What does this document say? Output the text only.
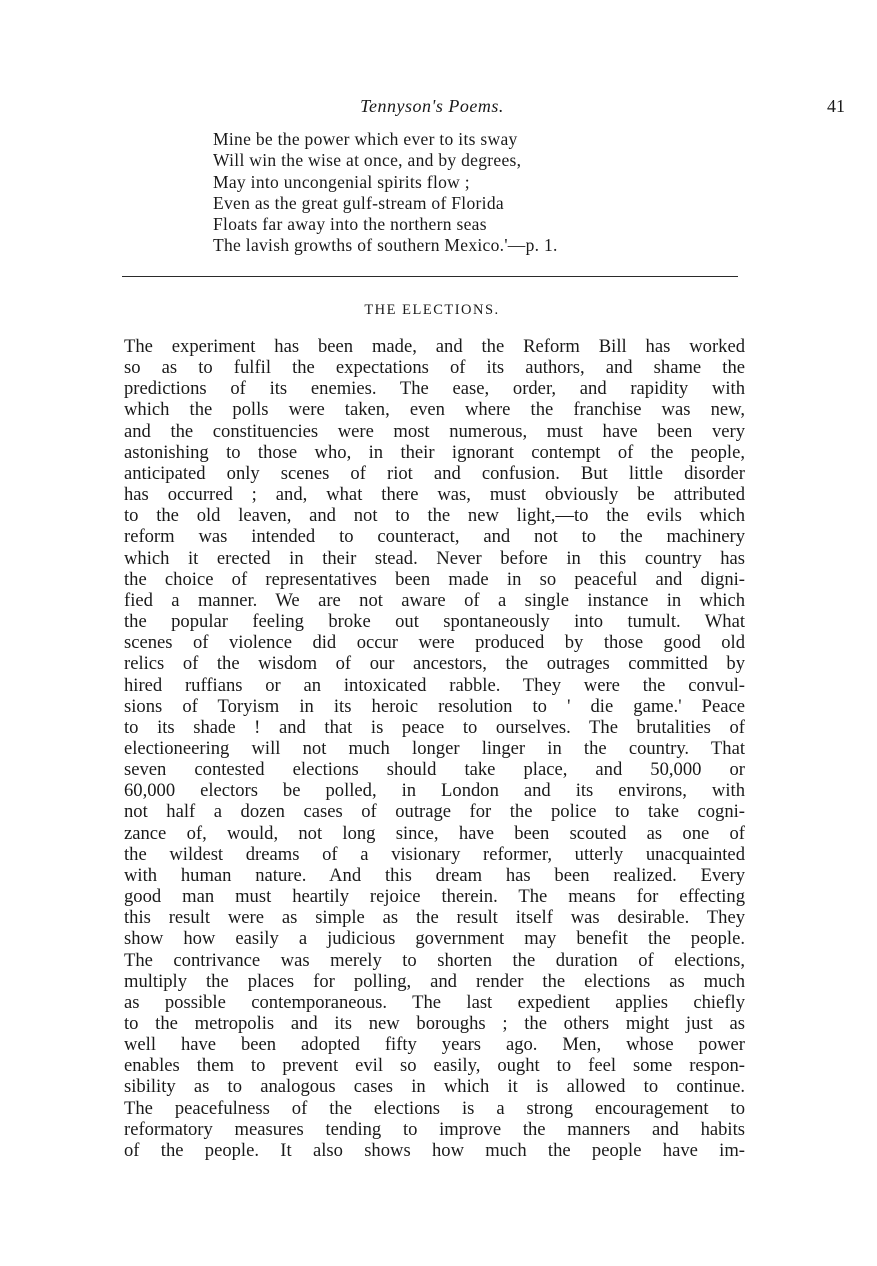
Tennyson's Poems.	41
Mine be the power which ever to its sway
Will win the wise at once, and by degrees,
May into uncongenial spirits flow ;
Even as the great gulf-stream of Florida
Floats far away into the northern seas
The lavish growths of southern Mexico.'—p. 1.
THE ELECTIONS.
The experiment has been made, and the Reform Bill has worked
so as to fulfil the expectations of its authors, and shame the
predictions of its enemies. The ease, order, and rapidity with
which the polls were taken, even where the franchise was new,
and the constituencies were most numerous, must have been very
astonishing to those who, in their ignorant contempt of the people,
anticipated only scenes of riot and confusion. But little disorder
has occurred ; and, what there was, must obviously be attributed
to the old leaven, and not to the new light,—to the evils which
reform was intended to counteract, and not to the machinery
which it erected in their stead. Never before in this country has
the choice of representatives been made in so peaceful and digni-
fied a manner. We are not aware of a single instance in which
the popular feeling broke out spontaneously into tumult. What
scenes of violence did occur were produced by those good old
relics of the wisdom of our ancestors, the outrages committed by
hired ruffians or an intoxicated rabble. They were the convul-
sions of Toryism in its heroic resolution to ' die game.' Peace
to its shade ! and that is peace to ourselves. The brutalities of
electioneering will not much longer linger in the country. That
seven contested elections should take place, and 50,000 or
60,000 electors be polled, in London and its environs, with
not half a dozen cases of outrage for the police to take cogni-
zance of, would, not long since, have been scouted as one of
the wildest dreams of a visionary reformer, utterly unacquainted
with human nature. And this dream has been realized. Every
good man must heartily rejoice therein. The means for effecting
this result were as simple as the result itself was desirable. They
show how easily a judicious government may benefit the people.
The contrivance was merely to shorten the duration of elections,
multiply the places for polling, and render the elections as much
as possible contemporaneous. The last expedient applies chiefly
to the metropolis and its new boroughs ; the others might just as
well have been adopted fifty years ago. Men, whose power
enables them to prevent evil so easily, ought to feel some respon-
sibility as to analogous cases in which it is allowed to continue.
The peacefulness of the elections is a strong encouragement to
reformatory measures tending to improve the manners and habits
of the people. It also shows how much the people have im-
